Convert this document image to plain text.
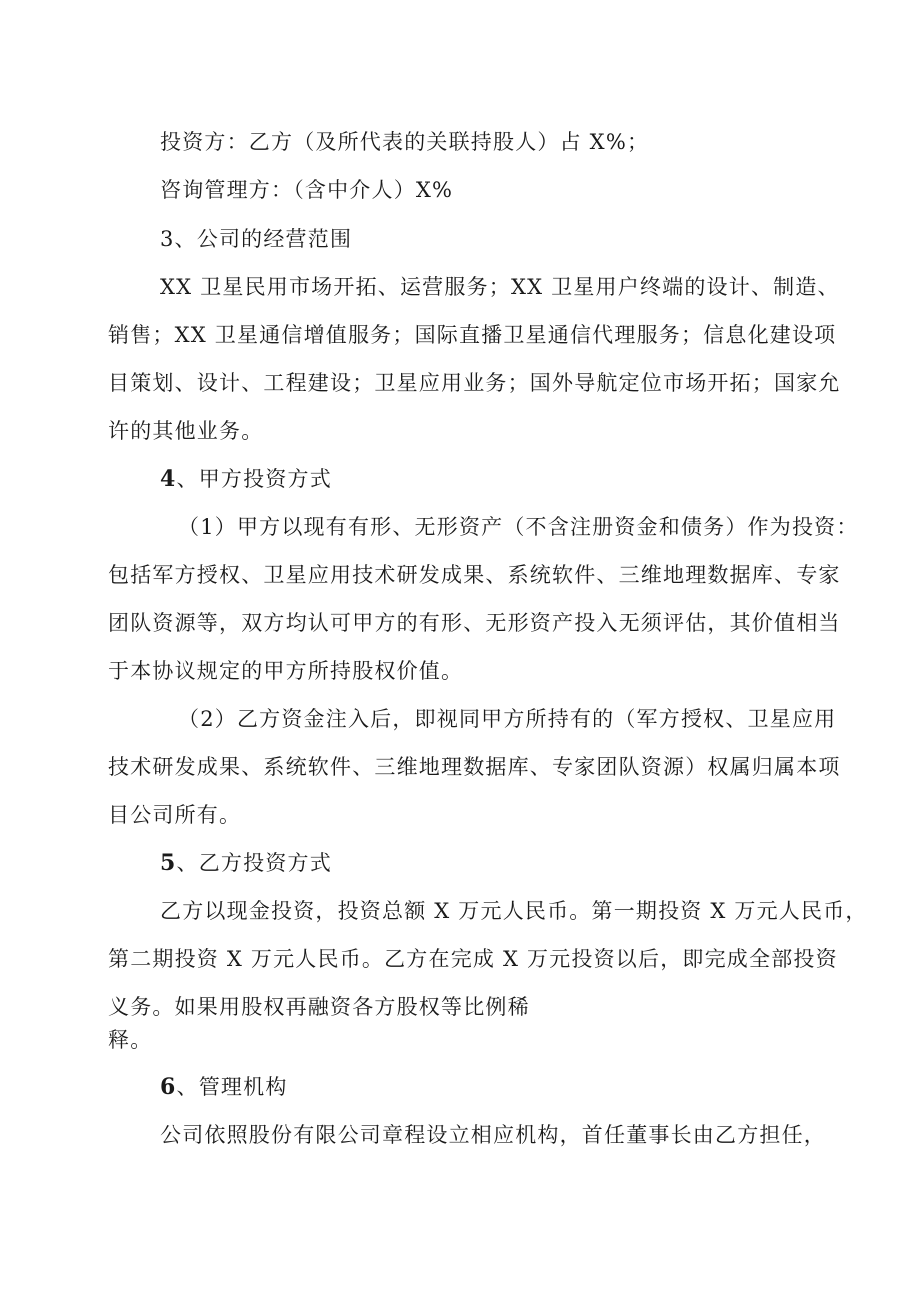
投资方：乙方（及所代表的关联持股人）占 X%；
咨询管理方：（含中介人）X%
3、公司的经营范围
XX 卫星民用市场开拓、运营服务；XX 卫星用户终端的设计、制造、
销售；XX 卫星通信增值服务；国际直播卫星通信代理服务；信息化建设项
目策划、设计、工程建设；卫星应用业务；国外导航定位市场开拓；国家允
许的其他业务。
4、甲方投资方式
（1）甲方以现有有形、无形资产（不含注册资金和债务）作为投资：
包括军方授权、卫星应用技术研发成果、系统软件、三维地理数据库、专家
团队资源等，双方均认可甲方的有形、无形资产投入无须评估，其价值相当
于本协议规定的甲方所持股权价值。
（2）乙方资金注入后，即视同甲方所持有的（军方授权、卫星应用
技术研发成果、系统软件、三维地理数据库、专家团队资源）权属归属本项
目公司所有。
5、乙方投资方式
乙方以现金投资，投资总额 X 万元人民币。第一期投资 X 万元人民币，
第二期投资 X 万元人民币。乙方在完成 X 万元投资以后，即完成全部投资
义务。如果用股权再融资各方股权等比例稀
释。
6、管理机构
公司依照股份有限公司章程设立相应机构，首任董事长由乙方担任，
